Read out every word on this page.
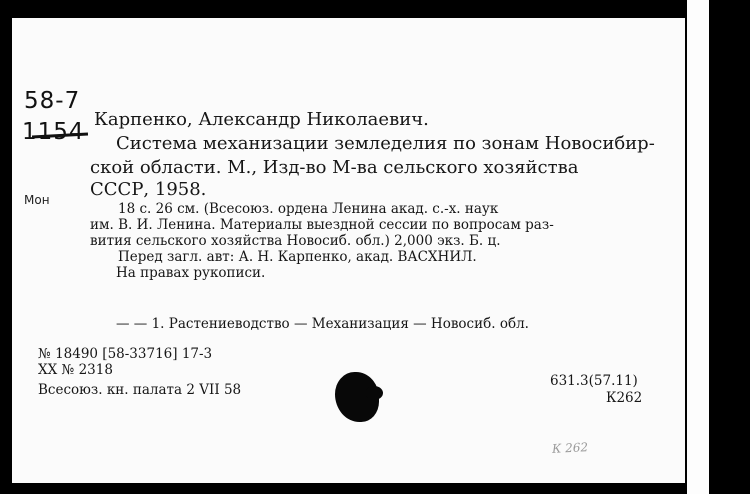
58-7
1154 Карпенко, Александр Николаевич.
Система механизации земледелия по зонам Новосибир-
ской области. М., Изд-во М-ва сельского хозяйства
СССР, 1958.
Мон
18 с. 26 см. (Всесоюз. ордена Ленина акад. с.-х. наук
им. В. И. Ленина. Материалы выездной сессии по вопросам раз-
вития сельского хозяйства Новосиб. обл.) 2,000 экз. Б. ц.
Перед загл. авт: А. Н. Карпенко, акад. ВАСХНИЛ.
На правах рукописи.
— — 1. Растениеводство — Механизация — Новосиб. обл.
№ 18490 [58-33716] 17-3
XX № 2318
Всесоюз. кн. палата 2 VII 58
631.3(57.11)
К262
К 262
